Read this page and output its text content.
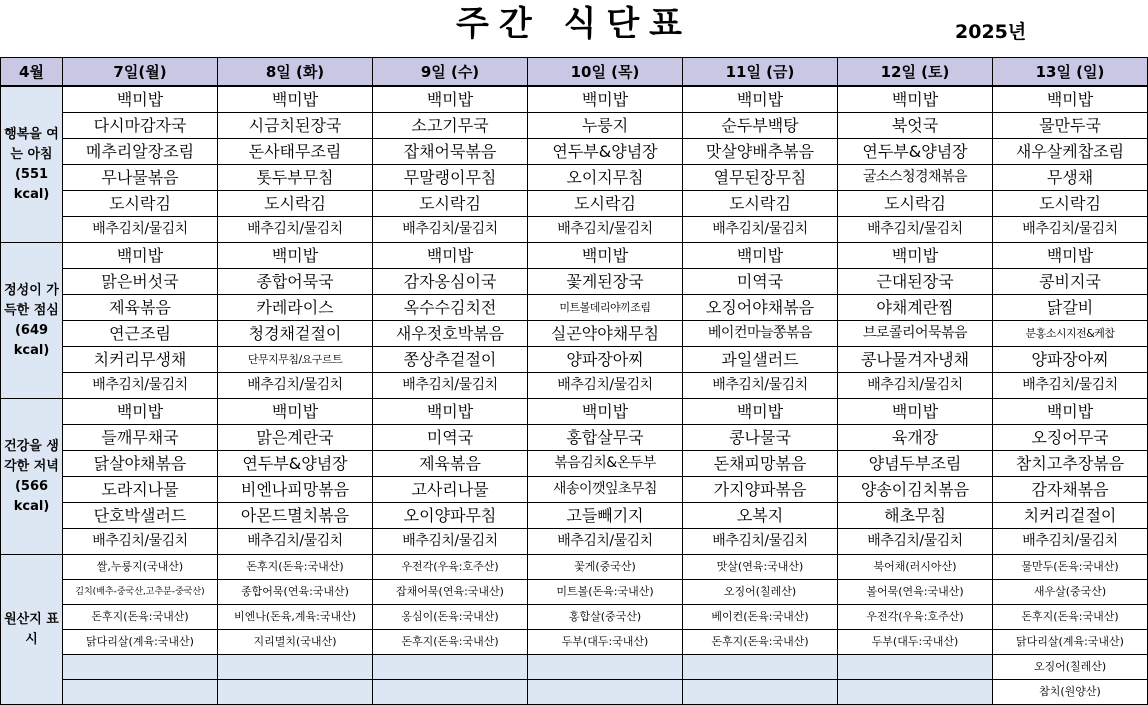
주간 식단표	2025년
4월	7일(월)	8일 (화)	9일 (수)	10일 (목)	11일 (금)	12일 (토)	13일 (일)
행복을 여는 아침 (551 kcal)	백미밥	백미밥	백미밥	백미밥	백미밥	백미밥	백미밥
	다시마감자국	시금치된장국	소고기무국	누룽지	순두부백탕	북엇국	물만두국
	메추리알장조림	돈사태무조림	잡채어묵볶음	연두부&양념장	맛살양배추볶음	연두부&양념장	새우살케찹조림
	무나물볶음	톳두부무침	무말랭이무침	오이지무침	열무된장무침	굴소스청경채볶음	무생채
	도시락김	도시락김	도시락김	도시락김	도시락김	도시락김	도시락김
	배추김치/물김치	배추김치/물김치	배추김치/물김치	배추김치/물김치	배추김치/물김치	배추김치/물김치	배추김치/물김치
정성이 가득한 점심 (649 kcal)	백미밥	백미밥	백미밥	백미밥	백미밥	백미밥	백미밥
	맑은버섯국	종합어묵국	감자옹심이국	꽃게된장국	미역국	근대된장국	콩비지국
	제육볶음	카레라이스	옥수수김치전	미트볼데리야끼조림	오징어야채볶음	야채계란찜	닭갈비
	연근조림	청경채겉절이	새우젓호박볶음	실곤약야채무침	베이컨마늘쫑볶음	브로콜리어묵볶음	분홍소시지전&케찹
	치커리무생채	단무지무침/요구르트	쫑상추겉절이	양파장아찌	과일샐러드	콩나물겨자냉채	양파장아찌
	배추김치/물김치	배추김치/물김치	배추김치/물김치	배추김치/물김치	배추김치/물김치	배추김치/물김치	배추김치/물김치
건강을 생각한 저녁 (566 kcal)	백미밥	백미밥	백미밥	백미밥	백미밥	백미밥	백미밥
	들깨무채국	맑은계란국	미역국	홍합살무국	콩나물국	육개장	오징어무국
	닭살야채볶음	연두부&양념장	제육볶음	볶음김치&온두부	돈채피망볶음	양념두부조림	참치고추장볶음
	도라지나물	비엔나피망볶음	고사리나물	새송이깻잎초무침	가지양파볶음	양송이김치볶음	감자채볶음
	단호박샐러드	아몬드멸치볶음	오이양파무침	고들빼기지	오복지	해초무침	치커리겉절이
	배추김치/물김치	배추김치/물김치	배추김치/물김치	배추김치/물김치	배추김치/물김치	배추김치/물김치	배추김치/물김치
원산지 표시	쌀,누룽지(국내산)	돈후지(돈육:국내산)	우전각(우육:호주산)	꽃게(중국산)	맛살(연육:국내산)	북어채(러시아산)	물만두(돈육:국내산)
	김치(배추-중국산,고추분-중국산)	종합어묵(연육:국내산)	잡채어묵(연육:국내산)	미트볼(돈육:국내산)	오징어(칠레산)	볼어묵(연육:국내산)	새우살(중국산)
	돈후지(돈육:국내산)	비엔나(돈육,계육:국내산)	옹심이(돈육:국내산)	홍합살(중국산)	베이컨(돈육:국내산)	우전각(우육:호주산)	돈후지(돈육:국내산)
	닭다리살(계육:국내산)	지리멸치(국내산)	돈후지(돈육:국내산)	두부(대두:국내산)	돈후지(돈육:국내산)	두부(대두:국내산)	닭다리살(계육:국내산)
							오징어(칠레산)
							참치(원양산)
